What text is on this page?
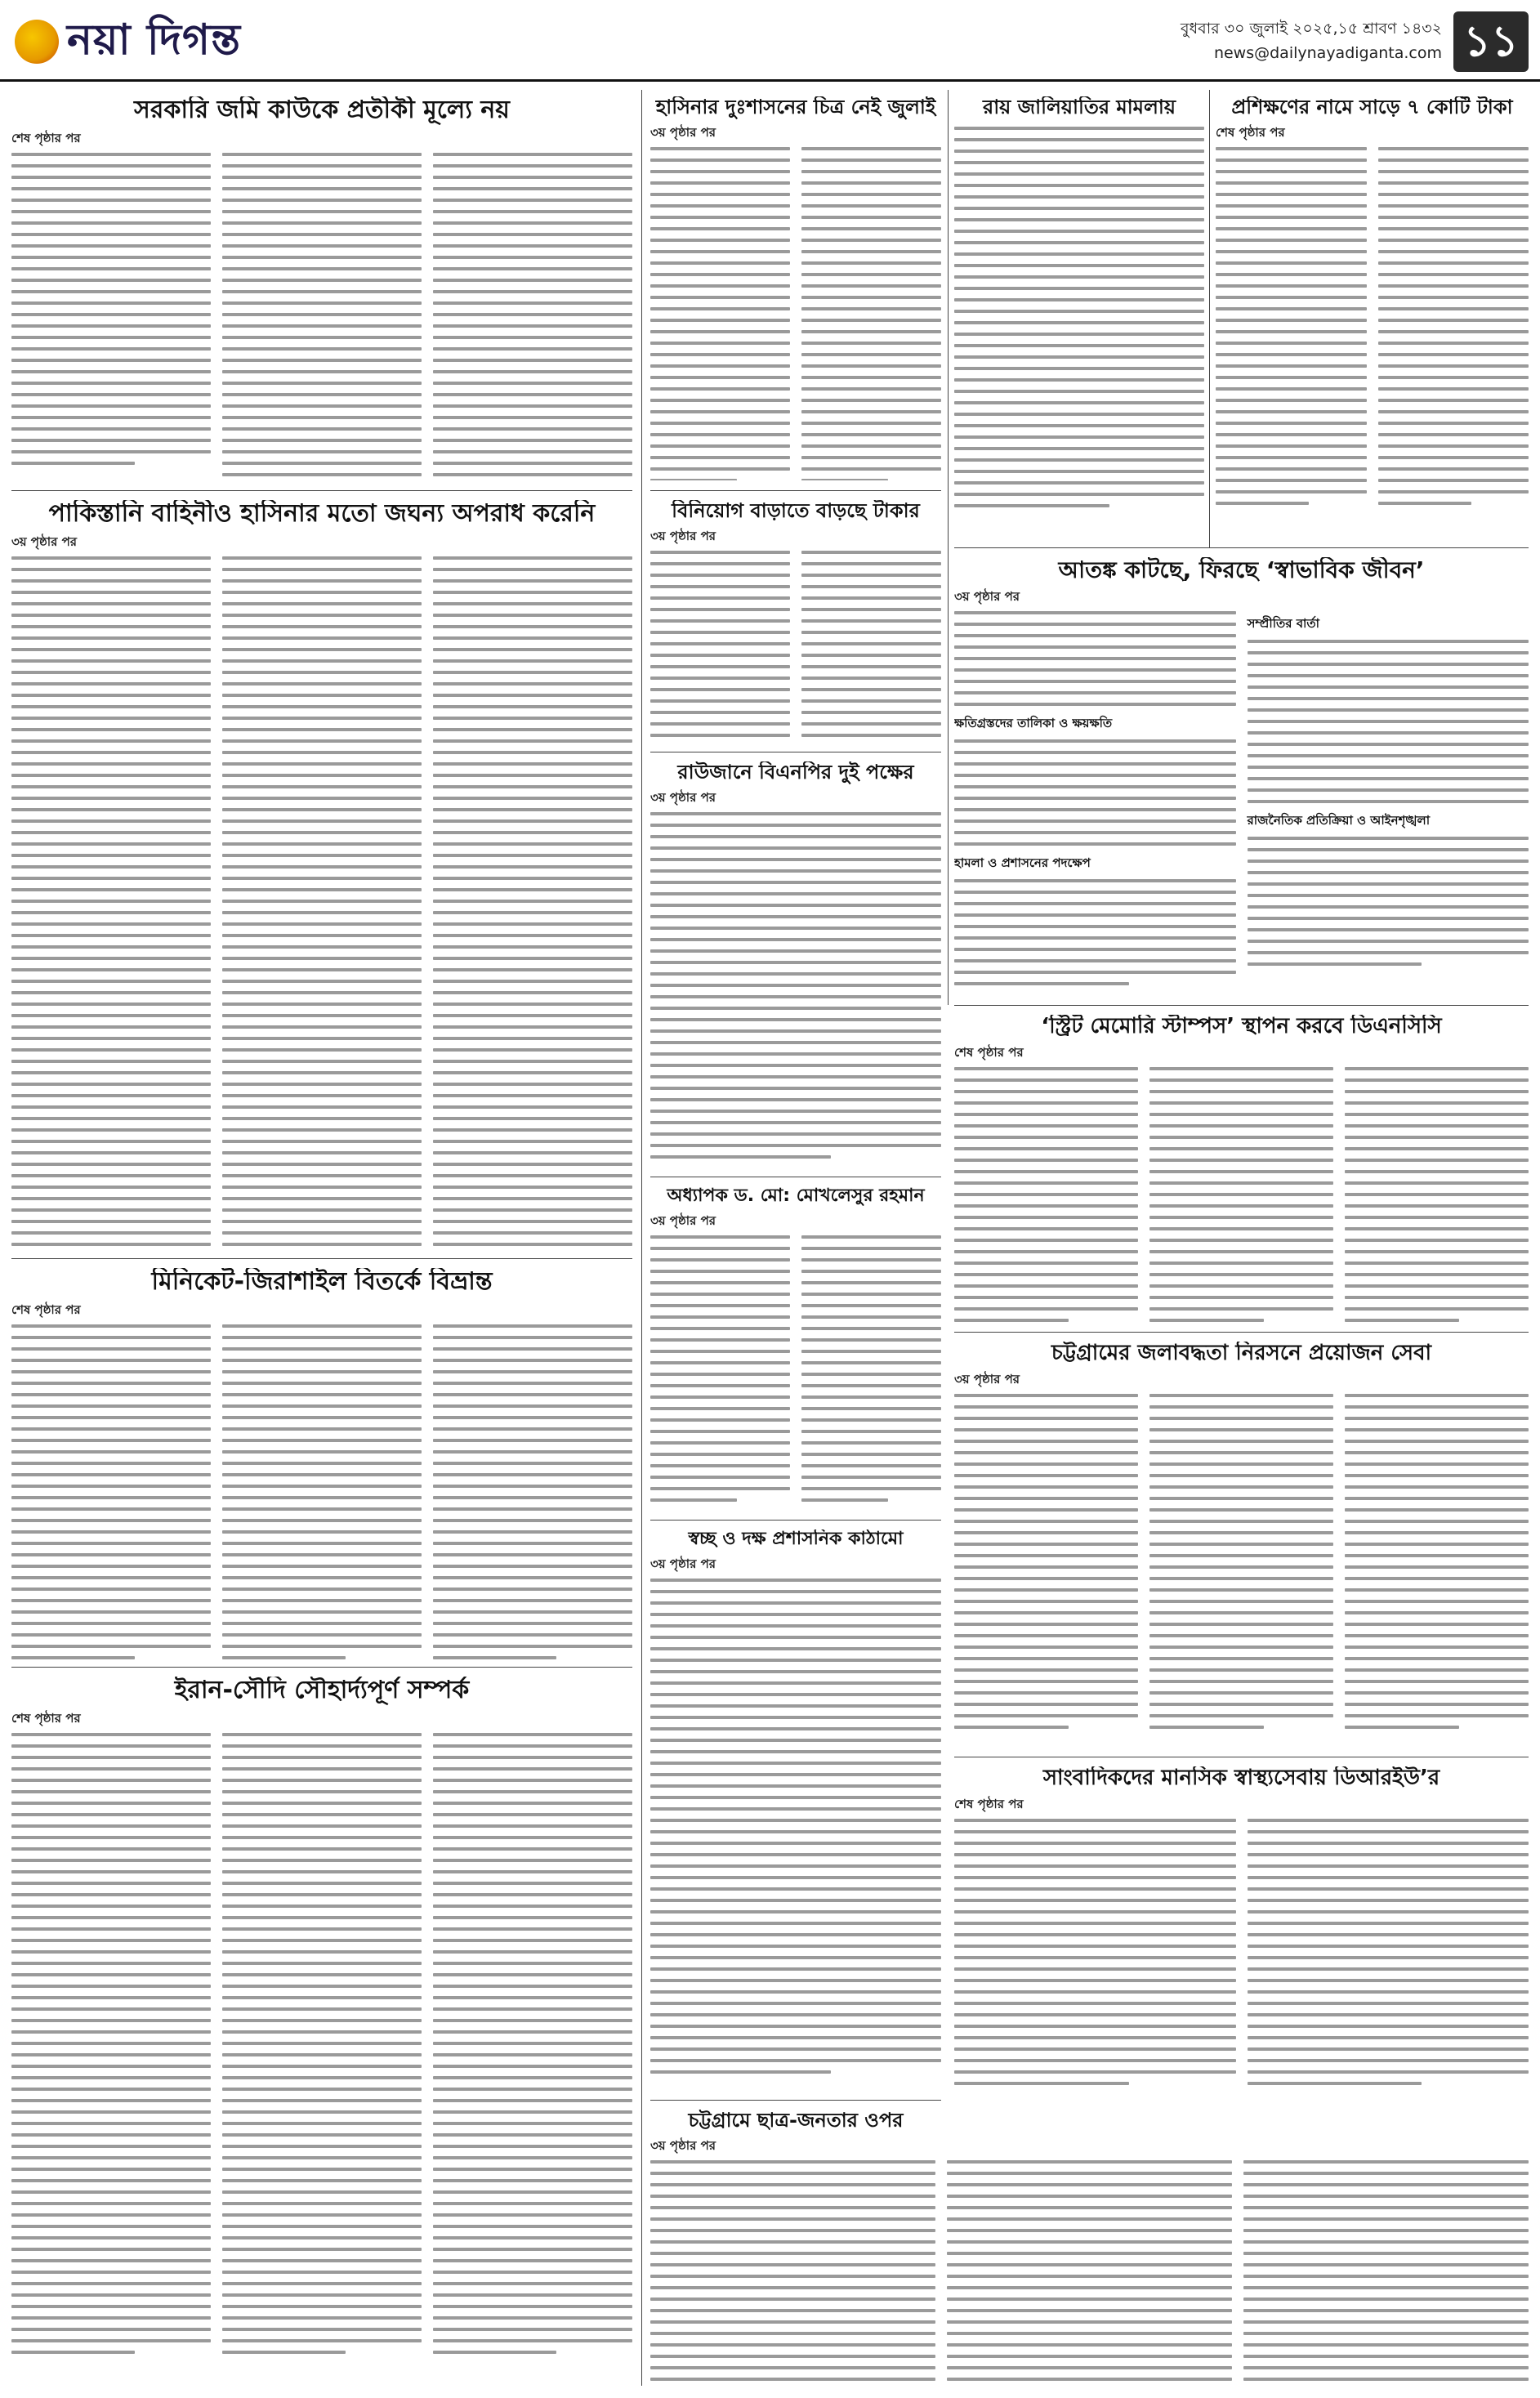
নয়া দিগন্ত	বুধবার ৩০ জুলাই ২০২৫,১৫ শ্রাবণ ১৪৩২
news@dailynayadiganta.com ১১
সরকারি জমি কাউকে প্রতীকী মূল্যে নয়
শেষ পৃষ্ঠার পর
পাকিস্তানি বাহিনীও হাসিনার মতো জঘন্য অপরাধ করেনি
৩য় পৃষ্ঠার পর
মিনিকেট-জিরাশাইল বিতর্কে বিভ্রান্ত
শেষ পৃষ্ঠার পর
ইরান-সৌদি সৌহার্দ্যপূর্ণ সম্পর্ক
শেষ পৃষ্ঠার পর
হাসিনার দুঃশাসনের চিত্র নেই জুলাই
৩য় পৃষ্ঠার পর
বিনিয়োগ বাড়াতে বাড়ছে টাকার
৩য় পৃষ্ঠার পর
রাউজানে বিএনপির দুই পক্ষের
৩য় পৃষ্ঠার পর
অধ্যাপক ড. মো: মোখলেসুর রহমান
৩য় পৃষ্ঠার পর
স্বচ্ছ ও দক্ষ প্রশাসনিক কাঠামো
৩য় পৃষ্ঠার পর
চট্টগ্রামে ছাত্র-জনতার ওপর
৩য় পৃষ্ঠার পর
রায় জালিয়াতির মামলায়	প্রশিক্ষণের নামে সাড়ে ৭ কোটি টাকা
শেষ পৃষ্ঠার পর
আতঙ্ক কাটছে, ফিরছে ‘স্বাভাবিক জীবন’
৩য় পৃষ্ঠার পর
ক্ষতিগ্রস্তদের তালিকা ও ক্ষয়ক্ষতি
হামলা ও প্রশাসনের পদক্ষেপ
সম্প্রীতির বার্তা
রাজনৈতিক প্রতিক্রিয়া ও আইনশৃঙ্খলা
‘স্ট্রিট মেমোরি স্টাম্পস’ স্থাপন করবে ডিএনসিসি
শেষ পৃষ্ঠার পর
চট্টগ্রামের জলাবদ্ধতা নিরসনে প্রয়োজন সেবা
৩য় পৃষ্ঠার পর
সাংবাদিকদের মানসিক স্বাস্থ্যসেবায় ডিআরইউ’র
শেষ পৃষ্ঠার পর
